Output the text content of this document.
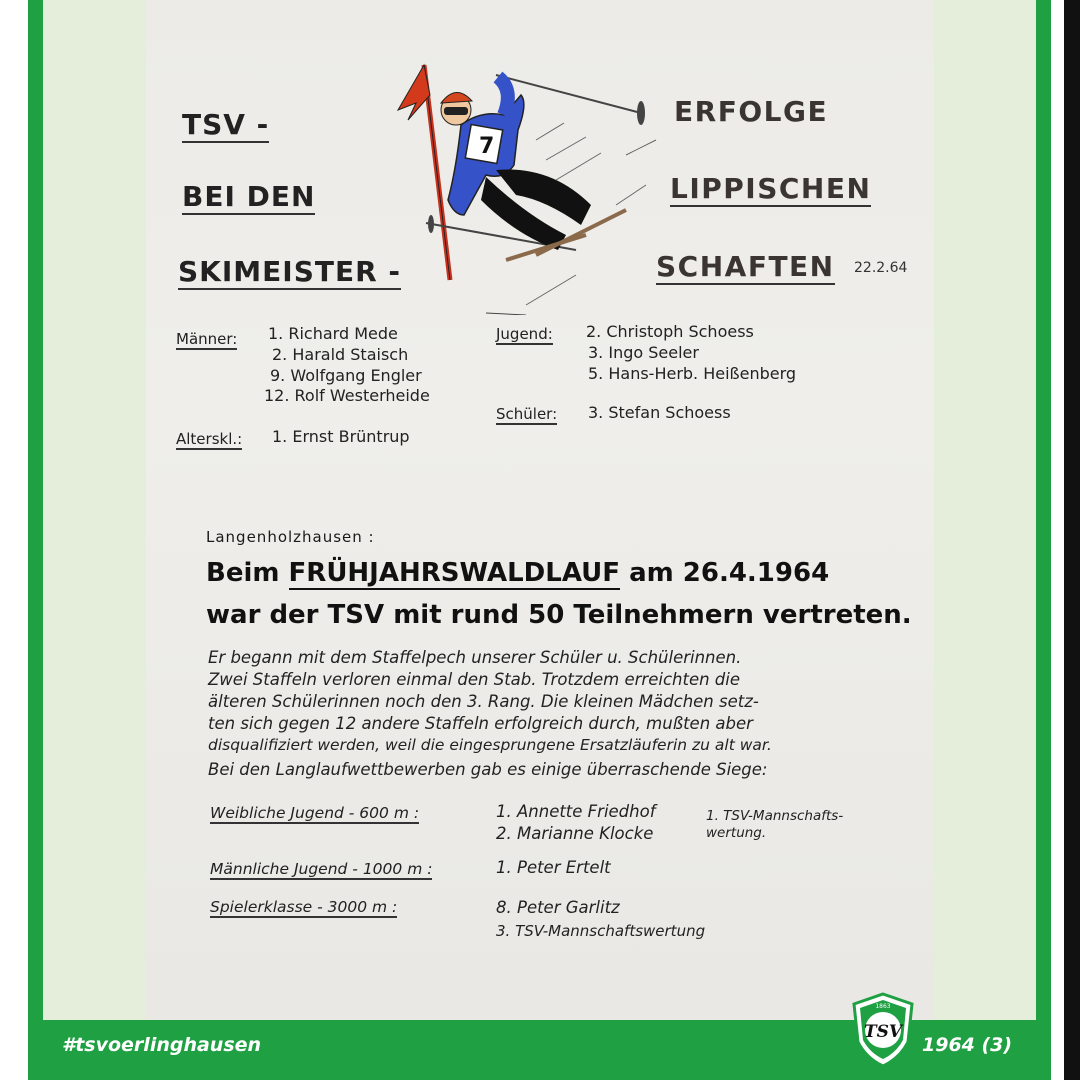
7
TSV -
BEI DEN
SKIMEISTER -
ERFOLGE
LIPPISCHEN
SCHAFTEN 22.2.64
Männer: 1. Richard Mede
2. Harald Staisch
9. Wolfgang Engler
12. Rolf Westerheide
Alterskl.: 1. Ernst Brüntrup
Jugend: 2. Christoph Schoess
3. Ingo Seeler
5. Hans-Herb. Heißenberg
Schüler: 3. Stefan Schoess
Langenholzhausen :
Beim FRÜHJAHRSWALDLAUF am 26.4.1964
war der TSV mit rund 50 Teilnehmern vertreten.
Er begann mit dem Staffelpech unserer Schüler u. Schülerinnen.
Zwei Staffeln verloren einmal den Stab. Trotzdem erreichten die
älteren Schülerinnen noch den 3. Rang. Die kleinen Mädchen setz-
ten sich gegen 12 andere Staffeln erfolgreich durch, mußten aber
disqualifiziert werden, weil die eingesprungene Ersatzläuferin zu alt war.
Bei den Langlaufwettbewerben gab es einige überraschende Siege:
Weibliche Jugend - 600 m :	1. Annette Friedhof
2. Marianne Klocke
1. TSV-Mannschafts-
wertung.
Männliche Jugend - 1000 m :	1. Peter Ertelt
Spielerklasse - 3000 m :	8. Peter Garlitz
3. TSV-Mannschaftswertung
#tsvoerlinghausen	1964 (3)
1863
TSV
